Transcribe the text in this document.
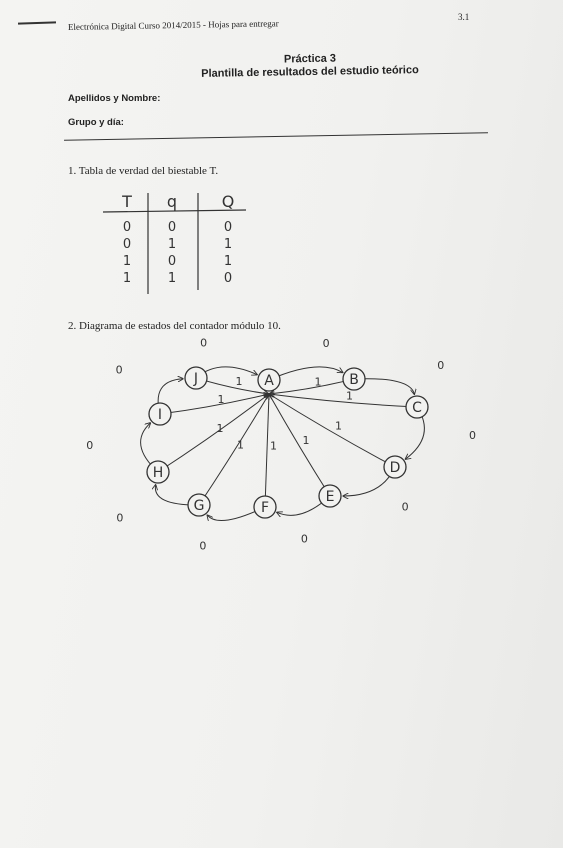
Electrónica Digital Curso 2014/2015 - Hojas para entregar
3.1
Práctica 3
Plantilla de resultados del estudio teórico
Apellidos y Nombre:
Grupo y día:
1. Tabla de verdad del biestable T.
2. Diagrama de estados del contador módulo 10.
T q	Q
0	0	0
0	1	1
1	0	1
1	1	0
1
1
1
1
1
1
1
1
1
0
0
0
0
0
0
0
0
0
0
A	B
C
D
E
F
G
H
I
J
